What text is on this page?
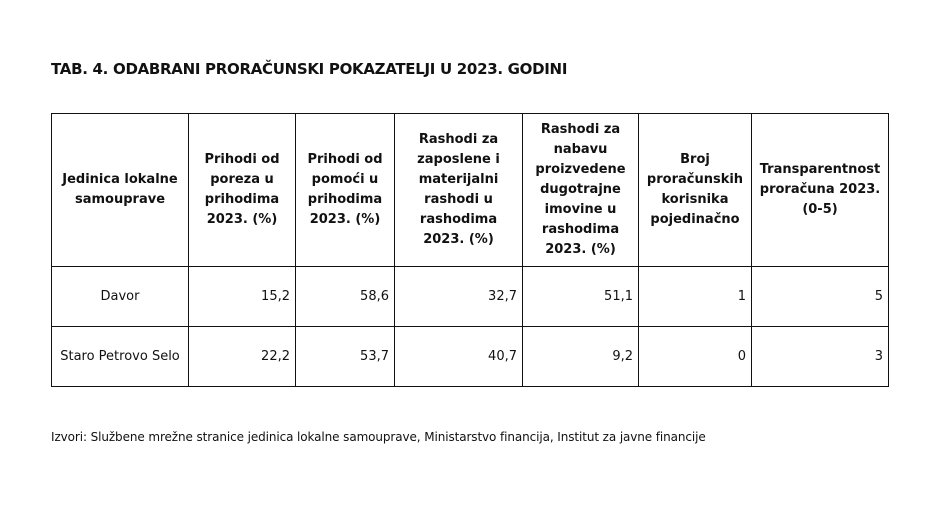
TAB. 4. ODABRANI PRORAČUNSKI POKAZATELJI U 2023. GODINI
Jedinica lokalne samouprave	Prihodi od poreza u prihodima 2023. (%)	Prihodi od pomoći u prihodima 2023. (%)	Rashodi za zaposlene i materijalni rashodi u rashodima 2023. (%)	Rashodi za nabavu proizvedene dugotrajne imovine u rashodima 2023. (%)	Broj proračunskih korisnika pojedinačno	Transparentnost proračuna 2023. (0-5)
Davor	15,2	58,6	32,7	51,1	1	5
Staro Petrovo Selo	22,2	53,7	40,7	9,2	0	3
Izvori: Službene mrežne stranice jedinica lokalne samouprave, Ministarstvo financija, Institut za javne financije
